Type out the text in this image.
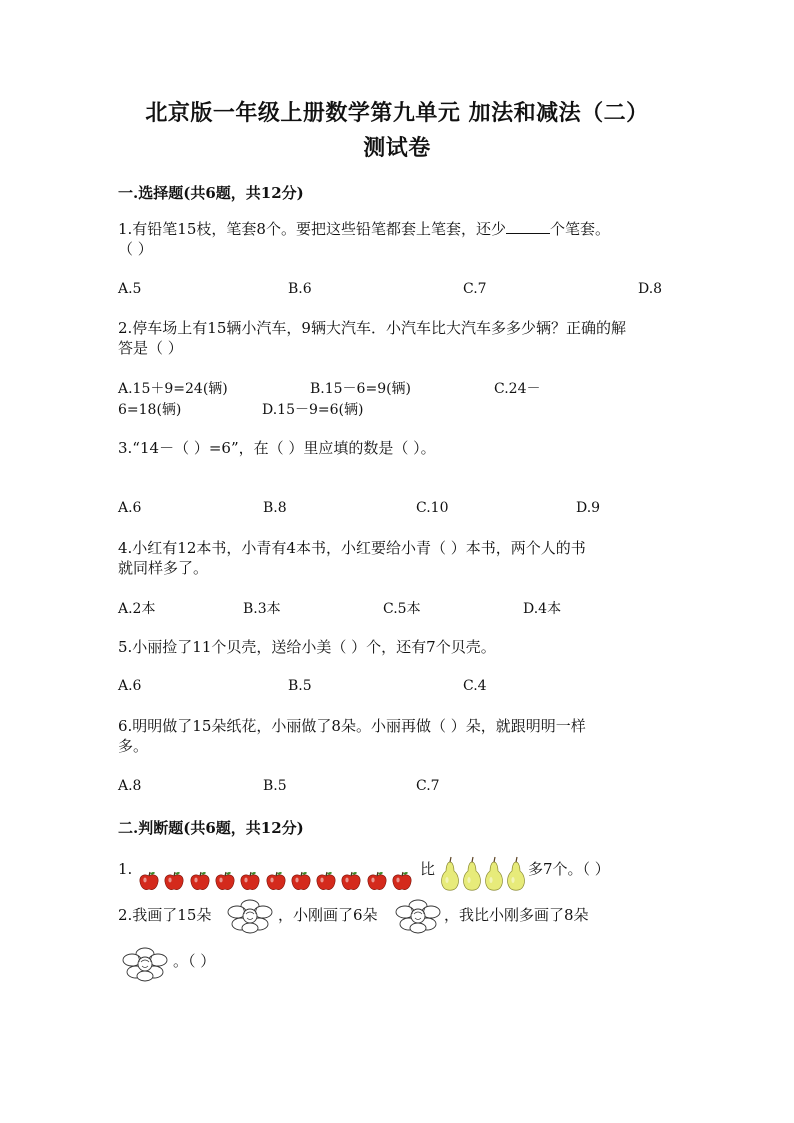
北京版一年级上册数学第九单元 加法和减法（二）
测试卷
一.选择题(共6题，共12分)
1.有铅笔15枝，笔套8个。要把这些铅笔都套上笔套，还少	个笔套。
（ ）
A.5	B.6	C.7	D.8
2.停车场上有15辆小汽车，9辆大汽车．小汽车比大汽车多多少辆？正确的解
答是（ ）
A.15＋9=24(辆)	B.15－6=9(辆)	C.24－
6=18(辆)	D.15－9=6(辆)
3.“14－（ ）=6”，在（ ）里应填的数是（ ）。
A.6	B.8	C.10	D.9
4.小红有12本书，小青有4本书，小红要给小青（ ）本书，两个人的书
就同样多了。
A.2本	B.3本	C.5本	D.4本
5.小丽捡了11个贝壳，送给小美（ ）个，还有7个贝壳。
A.6	B.5	C.4
6.明明做了15朵纸花，小丽做了8朵。小丽再做（ ）朵，就跟明明一样
多。
A.8	B.5	C.7
二.判断题(共6题，共12分)
1.	比	多7个。（ ）
2.我画了15朵	，小刚画了6朵	，我比小刚多画了8朵
。（ ）
